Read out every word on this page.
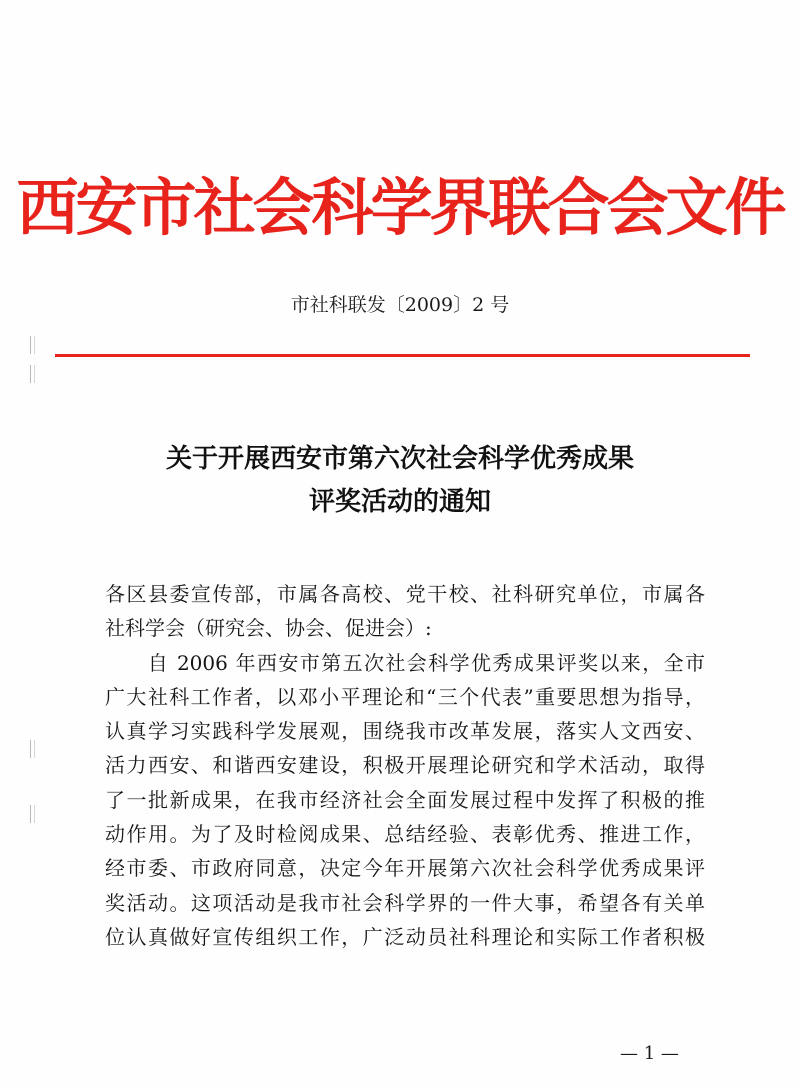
西安市社会科学界联合会文件
市社科联发〔2009〕2 号
关于开展西安市第六次社会科学优秀成果
评奖活动的通知
各区县委宣传部，市属各高校、党干校、社科研究单位，市属各
社科学会（研究会、协会、促进会）:
　　自 2006 年西安市第五次社会科学优秀成果评奖以来，全市
广大社科工作者，以邓小平理论和“三个代表”重要思想为指导，
认真学习实践科学发展观，围绕我市改革发展，落实人文西安、
活力西安、和谐西安建设，积极开展理论研究和学术活动，取得
了一批新成果，在我市经济社会全面发展过程中发挥了积极的推
动作用。为了及时检阅成果、总结经验、表彰优秀、推进工作，
经市委、市政府同意，决定今年开展第六次社会科学优秀成果评
奖活动。这项活动是我市社会科学界的一件大事，希望各有关单
位认真做好宣传组织工作，广泛动员社科理论和实际工作者积极
— 1 —
